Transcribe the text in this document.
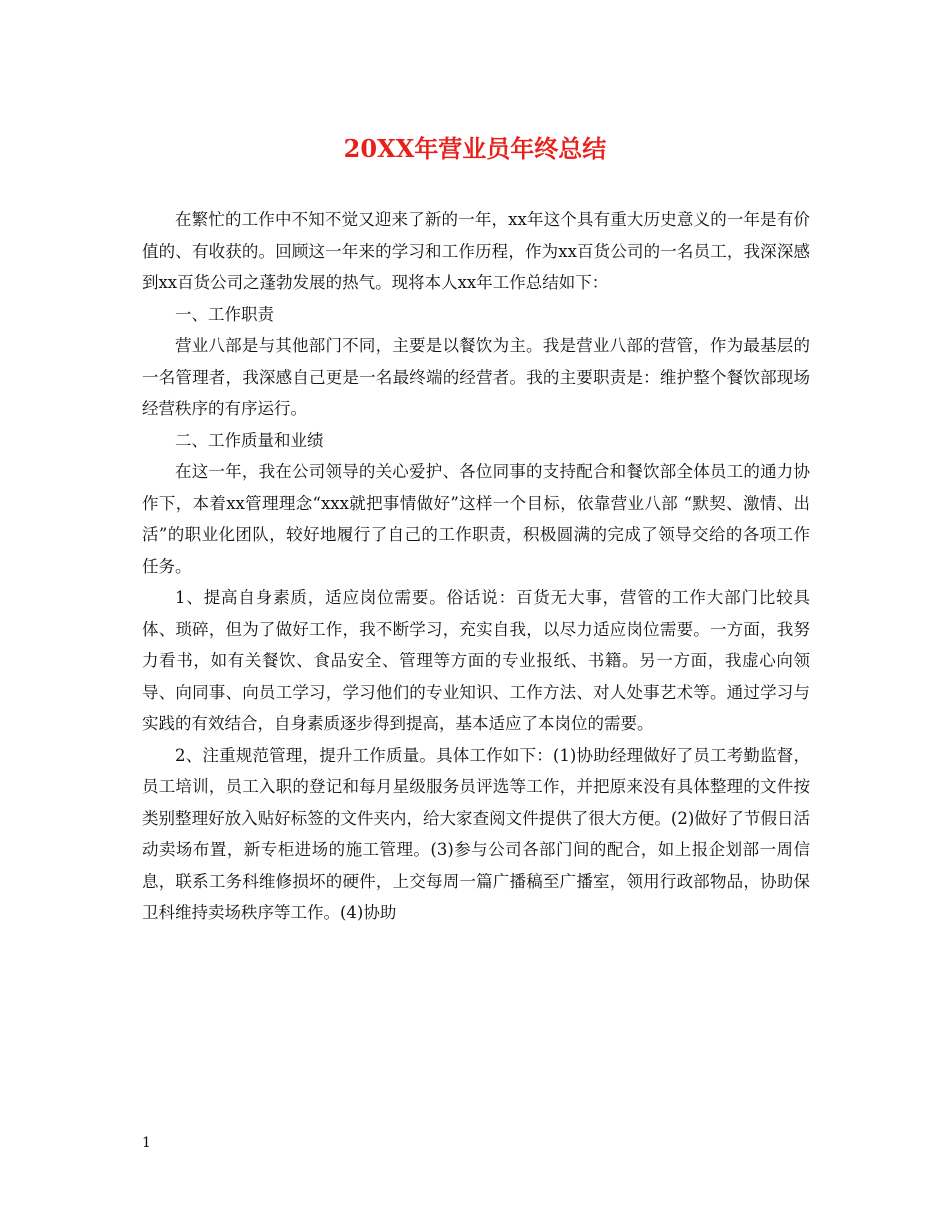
20XX年营业员年终总结

在繁忙的工作中不知不觉又迎来了新的一年，xx年这个具有重大历史意义的一年是有价值的、有收获的。回顾这一年来的学习和工作历程，作为xx百货公司的一名员工，我深深感到xx百货公司之蓬勃发展的热气。现将本人xx年工作总结如下：

一、工作职责

营业八部是与其他部门不同，主要是以餐饮为主。我是营业八部的营管，作为最基层的一名管理者，我深感自己更是一名最终端的经营者。我的主要职责是：维护整个餐饮部现场经营秩序的有序运行。

二、工作质量和业绩

在这一年，我在公司领导的关心爱护、各位同事的支持配合和餐饮部全体员工的通力协作下，本着xx管理理念“xxx就把事情做好”这样一个目标，依靠营业八部 “默契、激情、出活”的职业化团队，较好地履行了自己的工作职责，积极圆满的完成了领导交给的各项工作任务。

1、提高自身素质，适应岗位需要。俗话说：百货无大事，营管的工作大部门比较具体、琐碎，但为了做好工作，我不断学习，充实自我，以尽力适应岗位需要。一方面，我努力看书，如有关餐饮、食品安全、管理等方面的专业报纸、书籍。另一方面，我虚心向领导、向同事、向员工学习，学习他们的专业知识、工作方法、对人处事艺术等。通过学习与实践的有效结合，自身素质逐步得到提高，基本适应了本岗位的需要。

2、注重规范管理，提升工作质量。具体工作如下：(1)协助经理做好了员工考勤监督，员工培训，员工入职的登记和每月星级服务员评选等工作，并把原来没有具体整理的文件按类别整理好放入贴好标签的文件夹内，给大家查阅文件提供了很大方便。(2)做好了节假日活动卖场布置，新专柜进场的施工管理。(3)参与公司各部门间的配合，如上报企划部一周信息，联系工务科维修损坏的硬件，上交每周一篇广播稿至广播室，领用行政部物品，协助保卫科维持卖场秩序等工作。(4)协助

1
